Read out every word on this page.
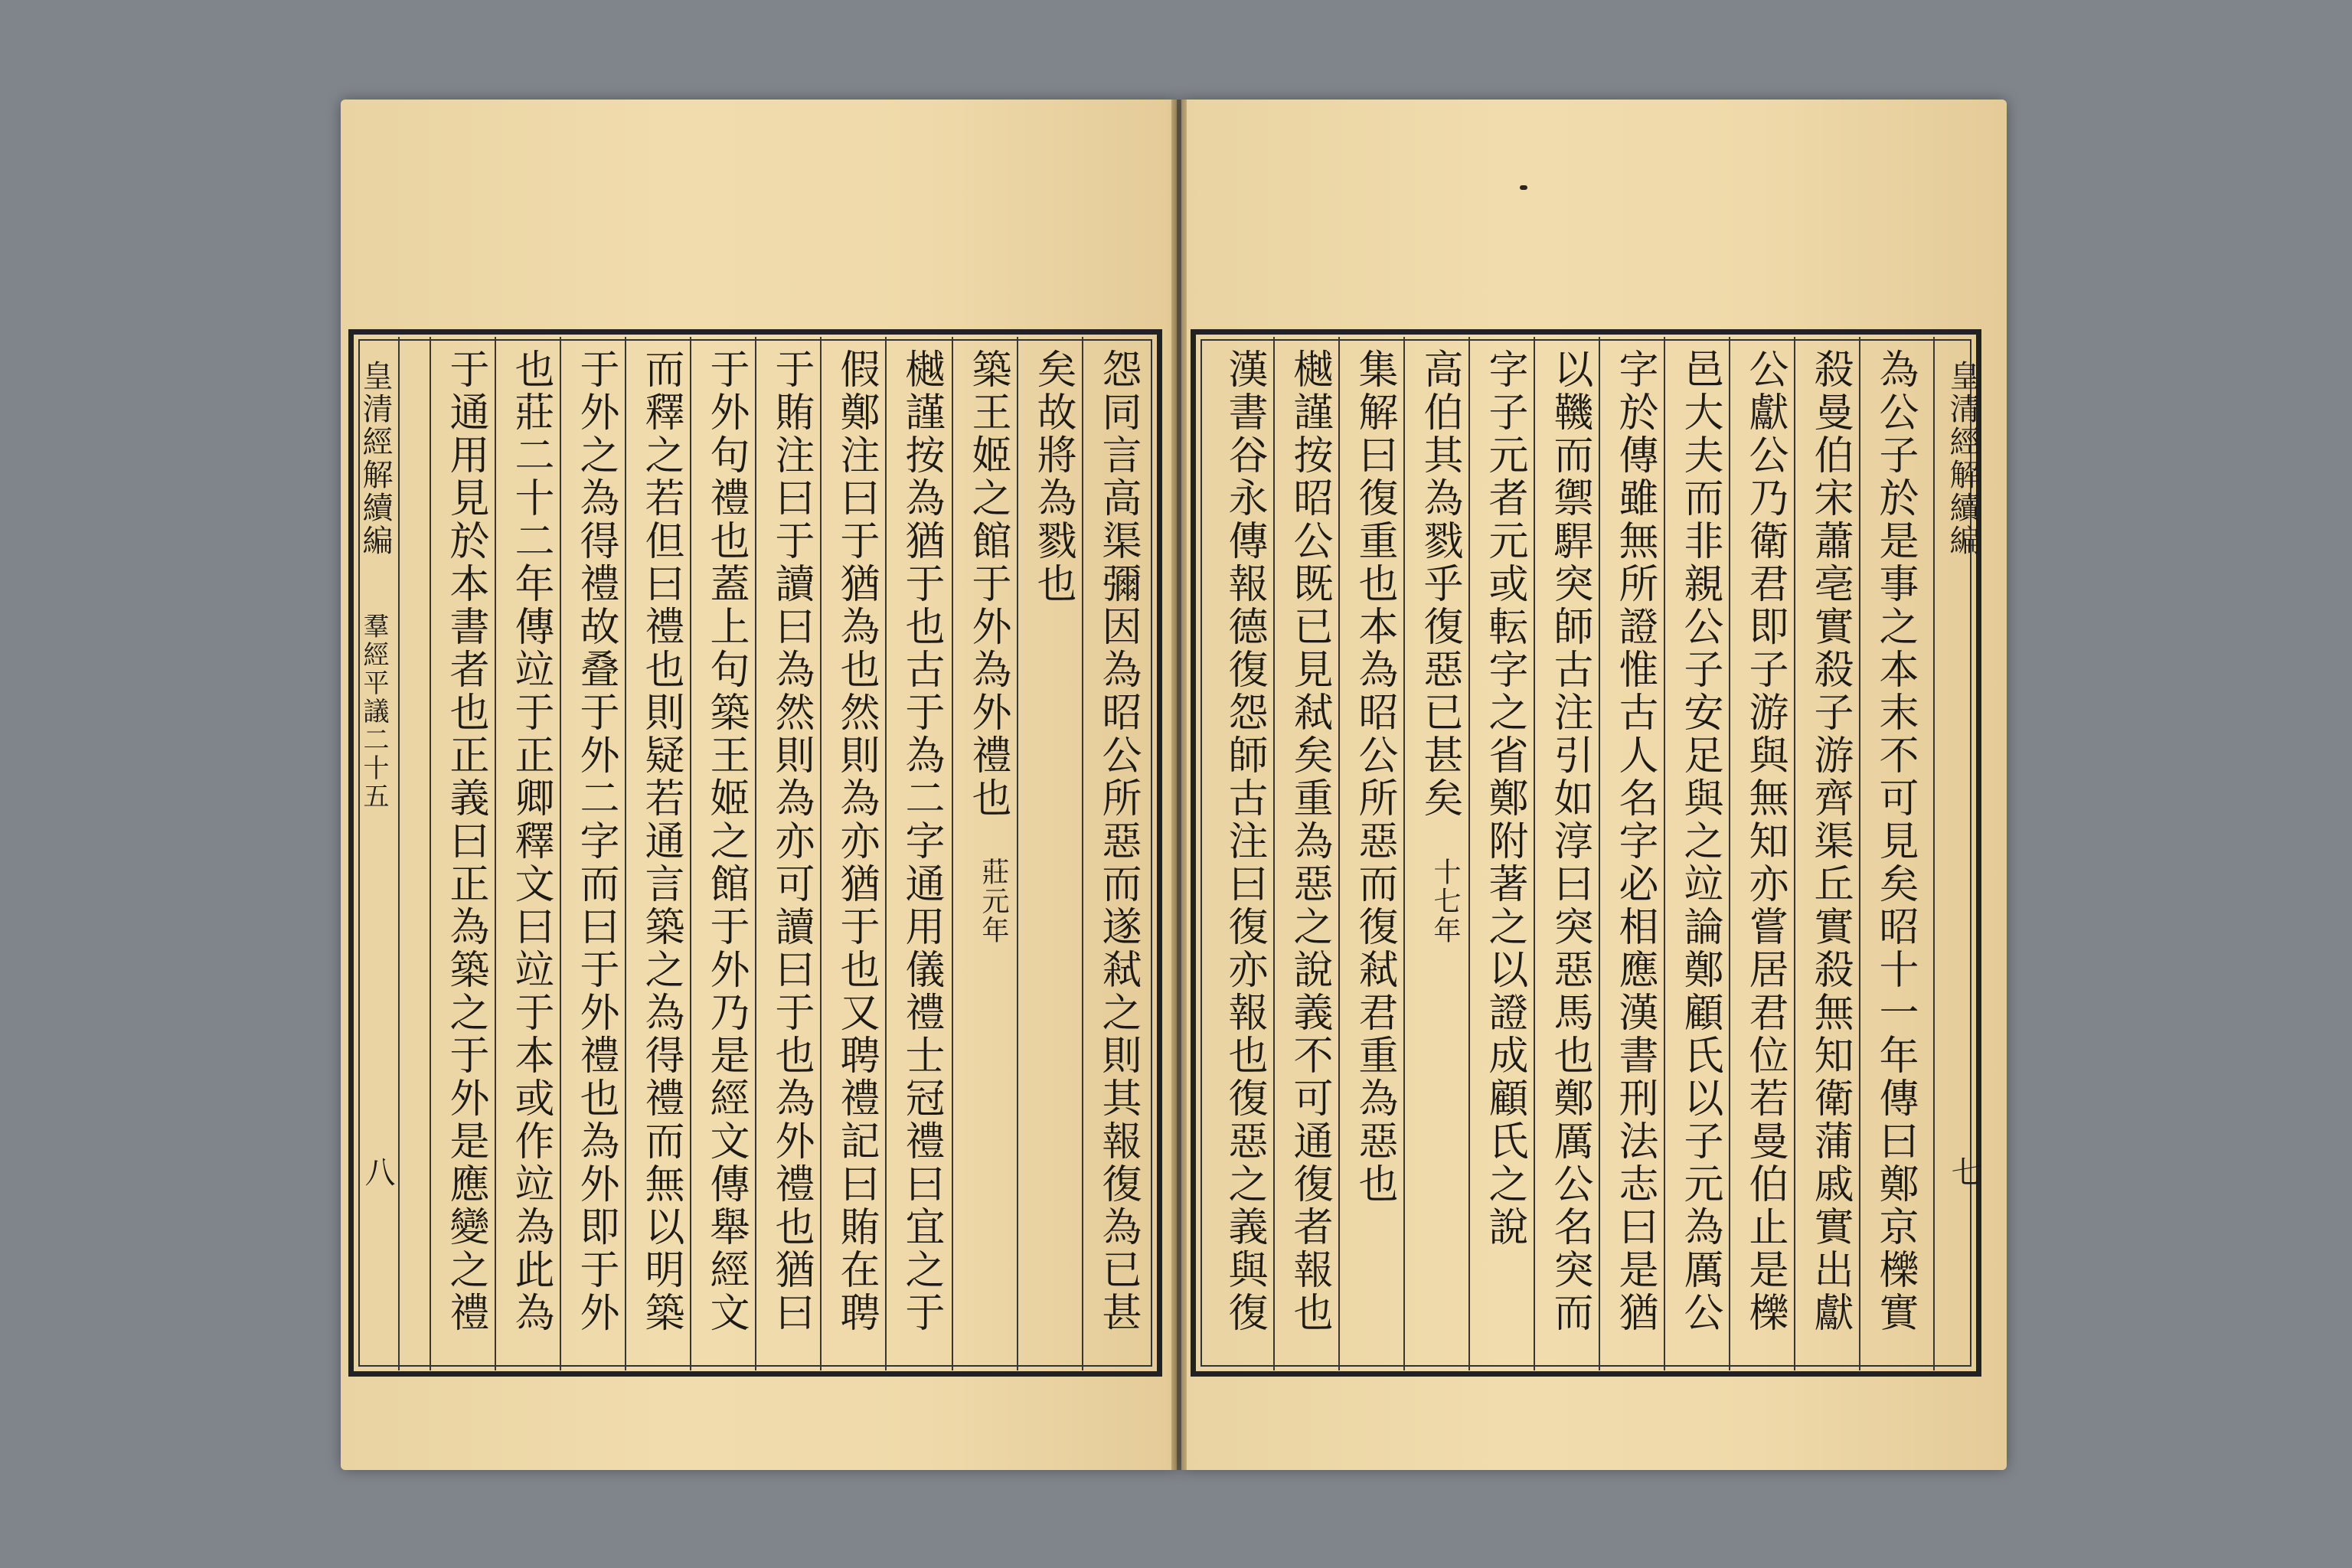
皇清經解續編
羣經平議二十五
八	怨同言高渠彌因為昭公所惡而遂弒之則其報復為已甚
矣故將為戮也
築王姬之館于外為外禮也
莊元年
樾謹按為猶于也古于為二字通用儀禮士冠禮曰宜之于
假鄭注曰于猶為也然則為亦猶于也又聘禮記曰賄在聘
于賄注曰于讀曰為然則為亦可讀曰于也為外禮也猶曰
于外句禮也蓋上句築王姬之館于外乃是經文傳舉經文
而釋之若但曰禮也則疑若通言築之為得禮而無以明築
于外之為得禮故叠于外二字而曰于外禮也為外即于外
也莊二十二年傳竝于正卿釋文曰竝于本或作竝為此為
于通用見於本書者也正義曰正為築之于外是應變之禮	皇清經解續編
七
為公子於是事之本末不可見矣昭十一年傳曰鄭京櫟實
殺曼伯宋蕭亳實殺子游齊渠丘實殺無知衛蒲戚實出獻
公獻公乃衛君即子游與無知亦嘗居君位若曼伯止是櫟
邑大夫而非親公子安足與之竝論鄭顧氏以子元為厲公
字於傳雖無所證惟古人名字必相應漢書刑法志曰是猶
以鞿而禦駻突師古注引如淳曰突惡馬也鄭厲公名突而
字子元者元或転字之省鄭附著之以證成顧氏之說
高伯其為戮乎復惡已甚矣
十七年
集解曰復重也本為昭公所惡而復弒君重為惡也
樾謹按昭公既已見弒矣重為惡之說義不可通復者報也
漢書谷永傳報德復怨師古注曰復亦報也復惡之義與復
